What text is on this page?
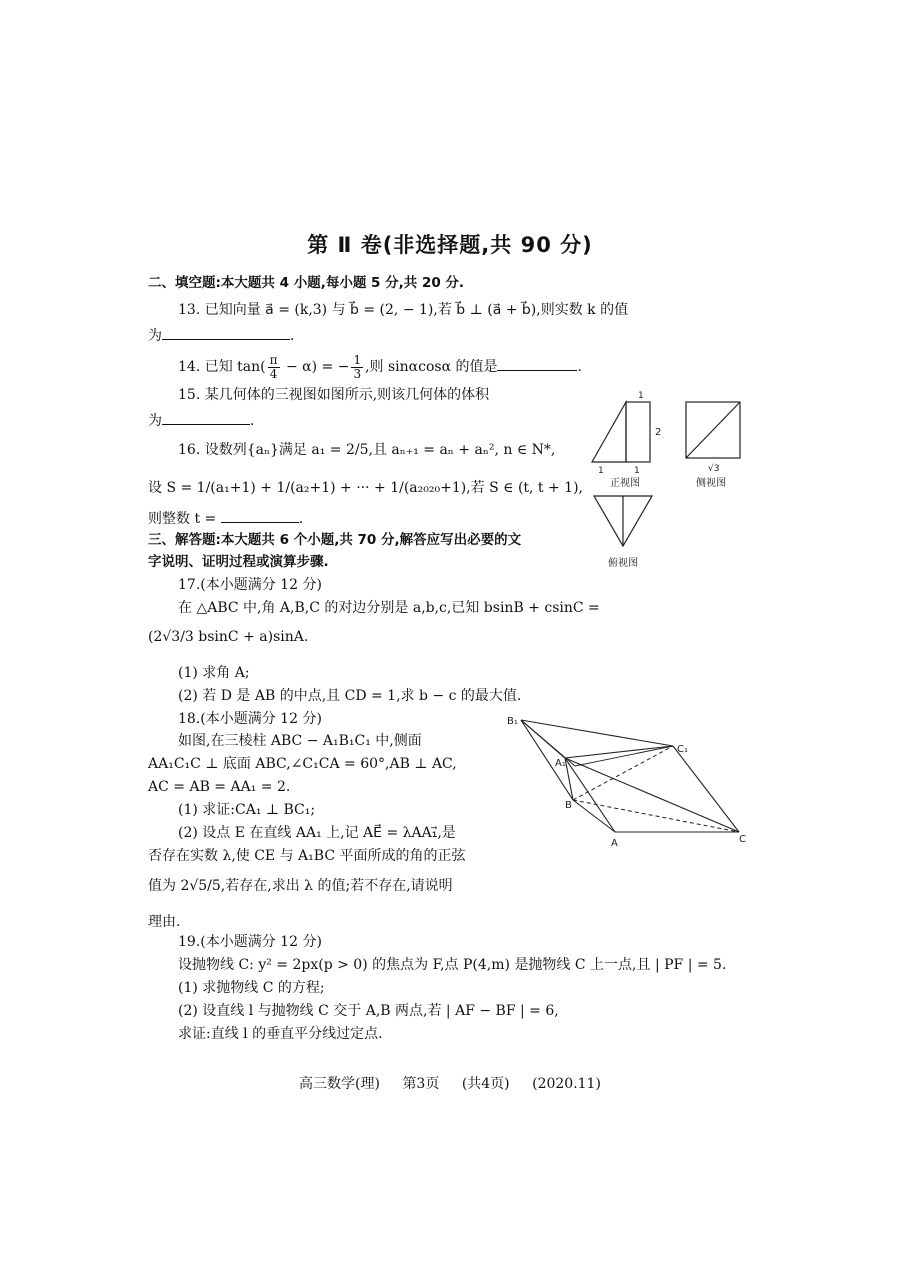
第 Ⅱ 卷(非选择题,共 90 分)
二、填空题:本大题共 4 小题,每小题 5 分,共 20 分.
13. 已知向量 a⃗ = (k,3) 与 b⃗ = (2, − 1),若 b⃗ ⊥ (a⃗ + b⃗),则实数 k 的值
为	.
14. 已知 $\tan( \frac{\pi}{4} - \alpha)$ = − $\frac{1}{3}$ ,则 sinαcosα 的值是	.
15. 某几何体的三视图如图所示,则该几何体的体积
为	.
16. 设数列{aₙ}满足 a₁ = 2/5,且 aₙ₊₁ = aₙ + aₙ², n ∈ N*,
设 S = 1/(a₁+1) + 1/(a₂+1) + ··· + 1/(a₂₀₂₀+1),若 S ∈ (t, t + 1),
则整数 t =	.
三、解答题:本大题共 6 个小题,共 70 分,解答应写出必要的文
字说明、证明过程或演算步骤.
17.(本小题满分 12 分)
在 △ABC 中,角 A,B,C 的对边分别是 a,b,c,已知 bsinB + csinC =
(2√3/3 bsinC + a)sinA.
(1) 求角 A;
(2) 若 D 是 AB 的中点,且 CD = 1,求 b − c 的最大值.
18.(本小题满分 12 分)
如图,在三棱柱 ABC − A₁B₁C₁ 中,侧面
AA₁C₁C ⊥ 底面 ABC,∠C₁CA = 60°,AB ⊥ AC,
AC = AB = AA₁ = 2.
(1) 求证:CA₁ ⊥ BC₁;
(2) 设点 E 在直线 AA₁ 上,记 AE⃗ = λAA₁⃗,是
否存在实数 λ,使 CE 与 A₁BC 平面所成的角的正弦
值为 2√5/5,若存在,求出 λ 的值;若不存在,请说明
理由.
19.(本小题满分 12 分)
设抛物线 C: y² = 2px(p > 0) 的焦点为 F,点 P(4,m) 是抛物线 C 上一点,且 | PF | = 5.
(1) 求抛物线 C 的方程;
(2) 设直线 l 与抛物线 C 交于 A,B 两点,若 | AF − BF | = 6,
求证:直线 l 的垂直平分线过定点.
1
2
1	1	√3
正视图	侧视图
俯视图
B₁
C₁
A₁
B
A	C
高三数学(理) 第3页 (共4页) (2020.11)
